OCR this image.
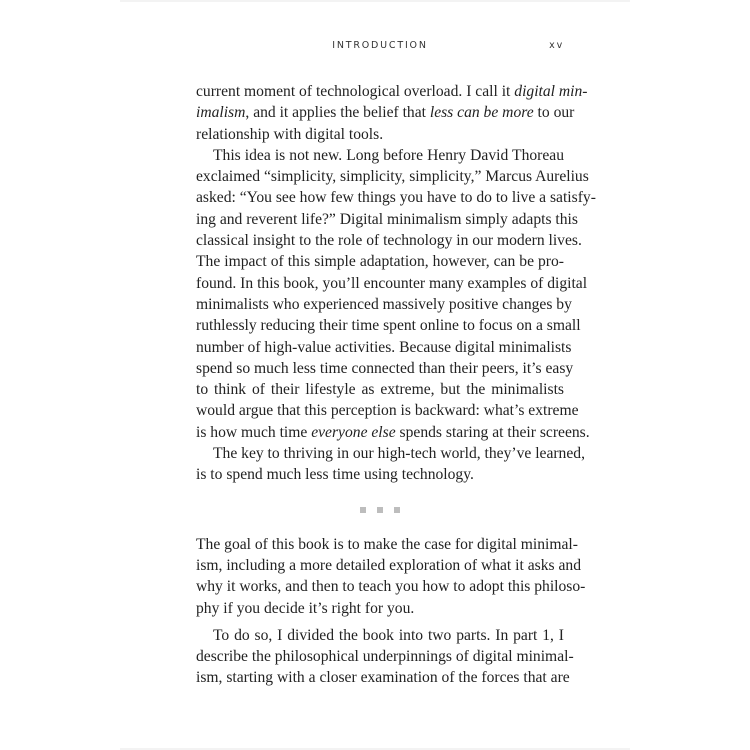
INTRODUCTION	xv

current moment of technological overload. I call it digital min-
imalism, and it applies the belief that less can be more to our
relationship with digital tools.

This idea is not new. Long before Henry David Thoreau
exclaimed “simplicity, simplicity, simplicity,” Marcus Aurelius
asked: “You see how few things you have to do to live a satisfy-
ing and reverent life?” Digital minimalism simply adapts this
classical insight to the role of technology in our modern lives.
The impact of this simple adaptation, however, can be pro-
found. In this book, you’ll encounter many examples of digital
minimalists who experienced massively positive changes by
ruthlessly reducing their time spent online to focus on a small
number of high-value activities. Because digital minimalists
spend so much less time connected than their peers, it’s easy
to think of their lifestyle as extreme, but the minimalists
would argue that this perception is backward: what’s extreme
is how much time everyone else spends staring at their screens.

The key to thriving in our high-tech world, they’ve learned,
is to spend much less time using technology.

The goal of this book is to make the case for digital minimal-
ism, including a more detailed exploration of what it asks and
why it works, and then to teach you how to adopt this philoso-
phy if you decide it’s right for you.

To do so, I divided the book into two parts. In part 1, I
describe the philosophical underpinnings of digital minimal-
ism, starting with a closer examination of the forces that are
